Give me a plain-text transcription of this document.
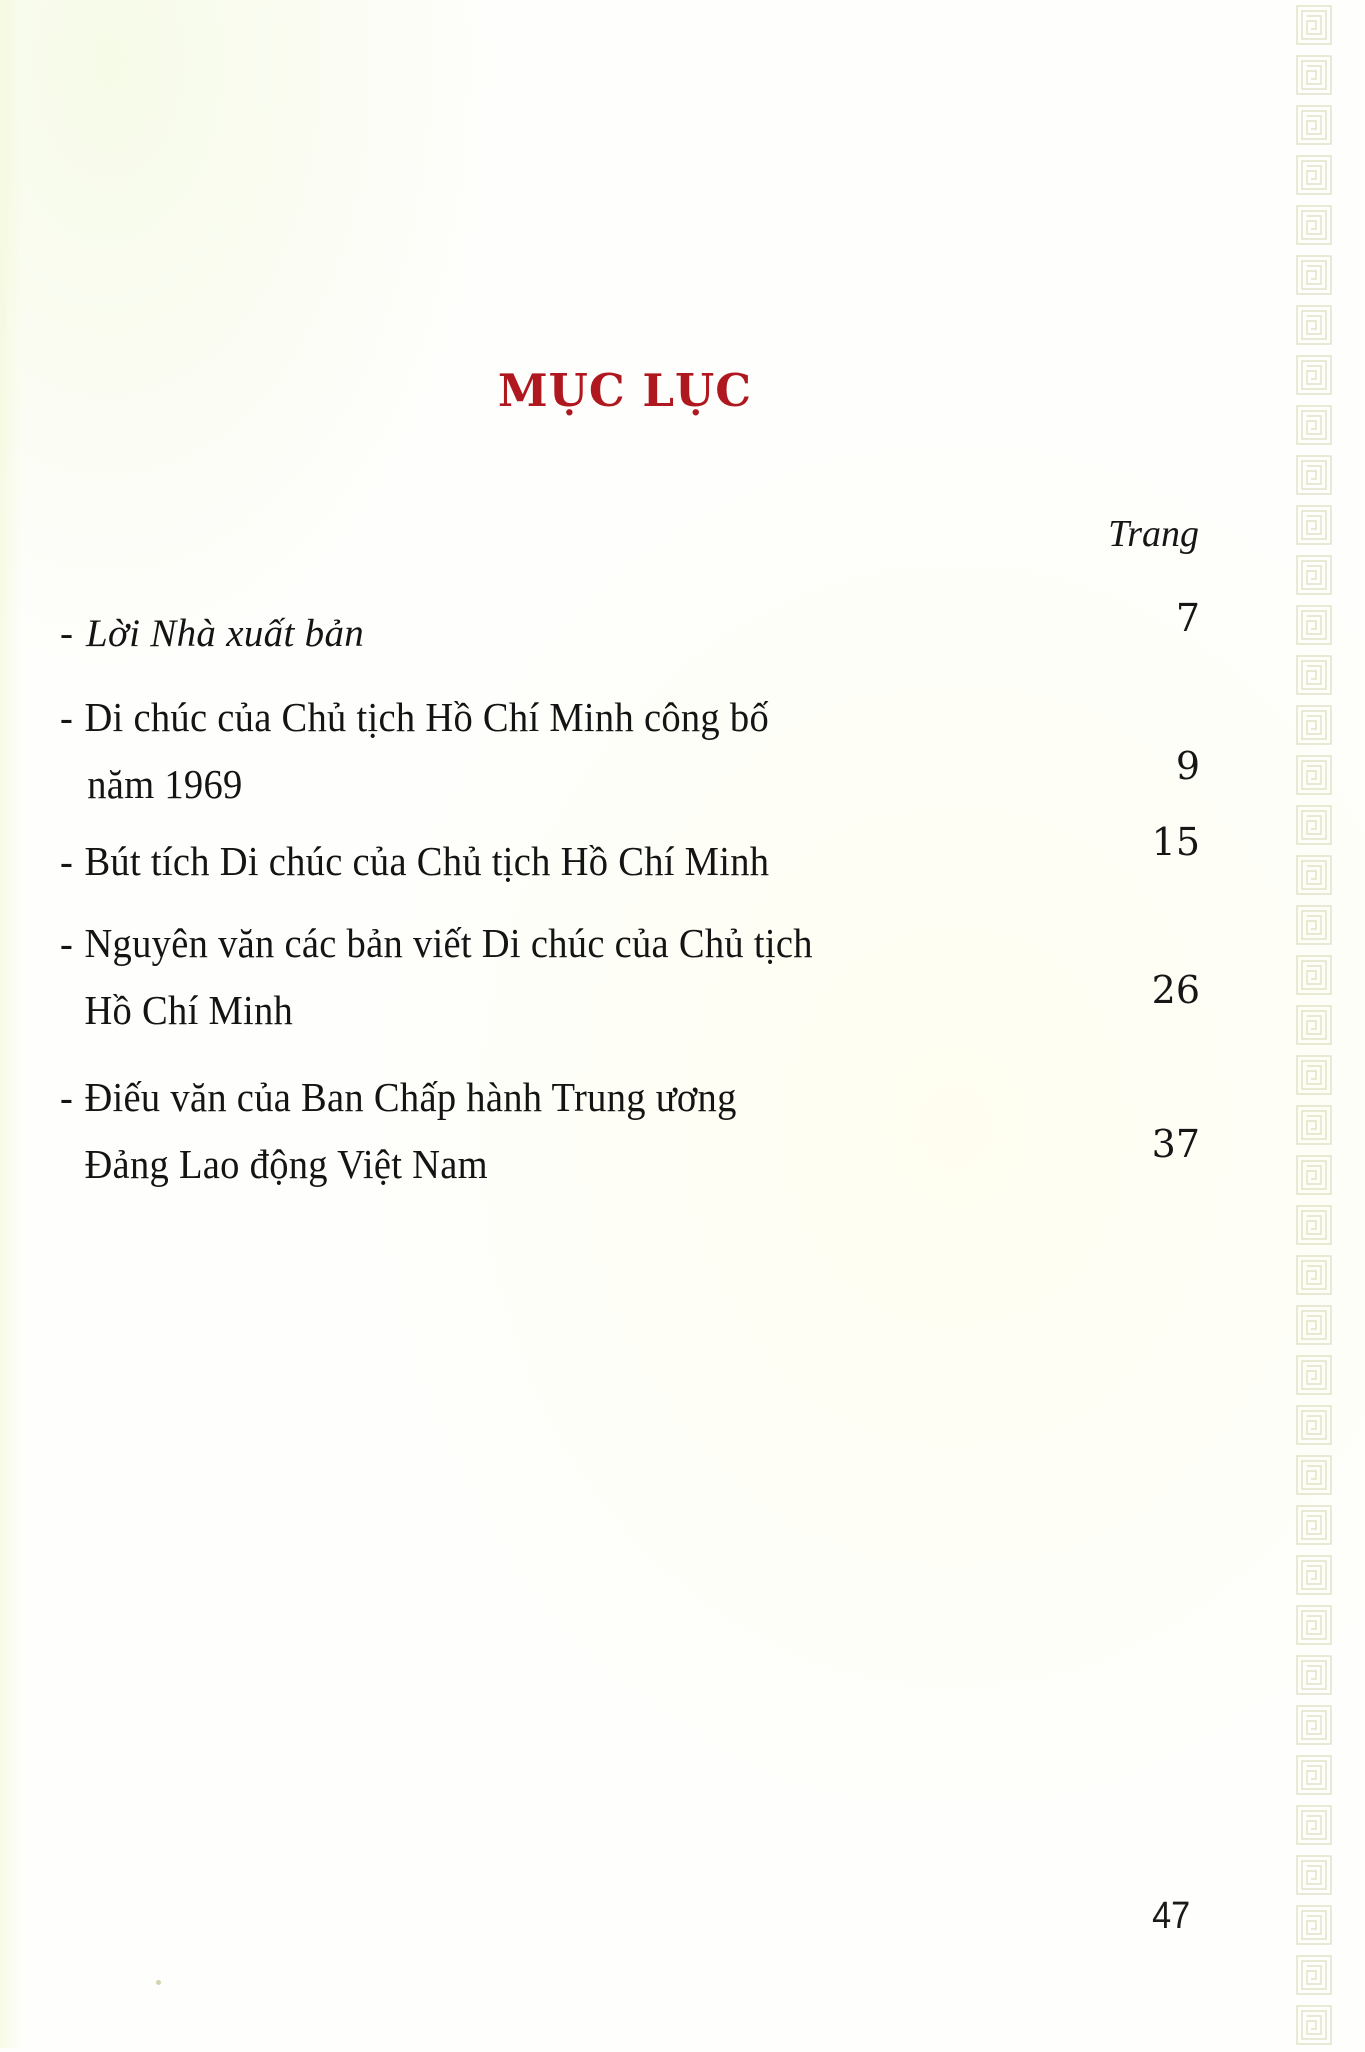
MỤC LỤC
Trang
- Lời Nhà xuất bản	7
- Di chúc của Chủ tịch Hồ Chí Minh công bố
năm 1969	9
- Bút tích Di chúc của Chủ tịch Hồ Chí Minh	15
- Nguyên văn các bản viết Di chúc của Chủ tịch
Hồ Chí Minh	26
- Điếu văn của Ban Chấp hành Trung ương
Đảng Lao động Việt Nam	37
47
